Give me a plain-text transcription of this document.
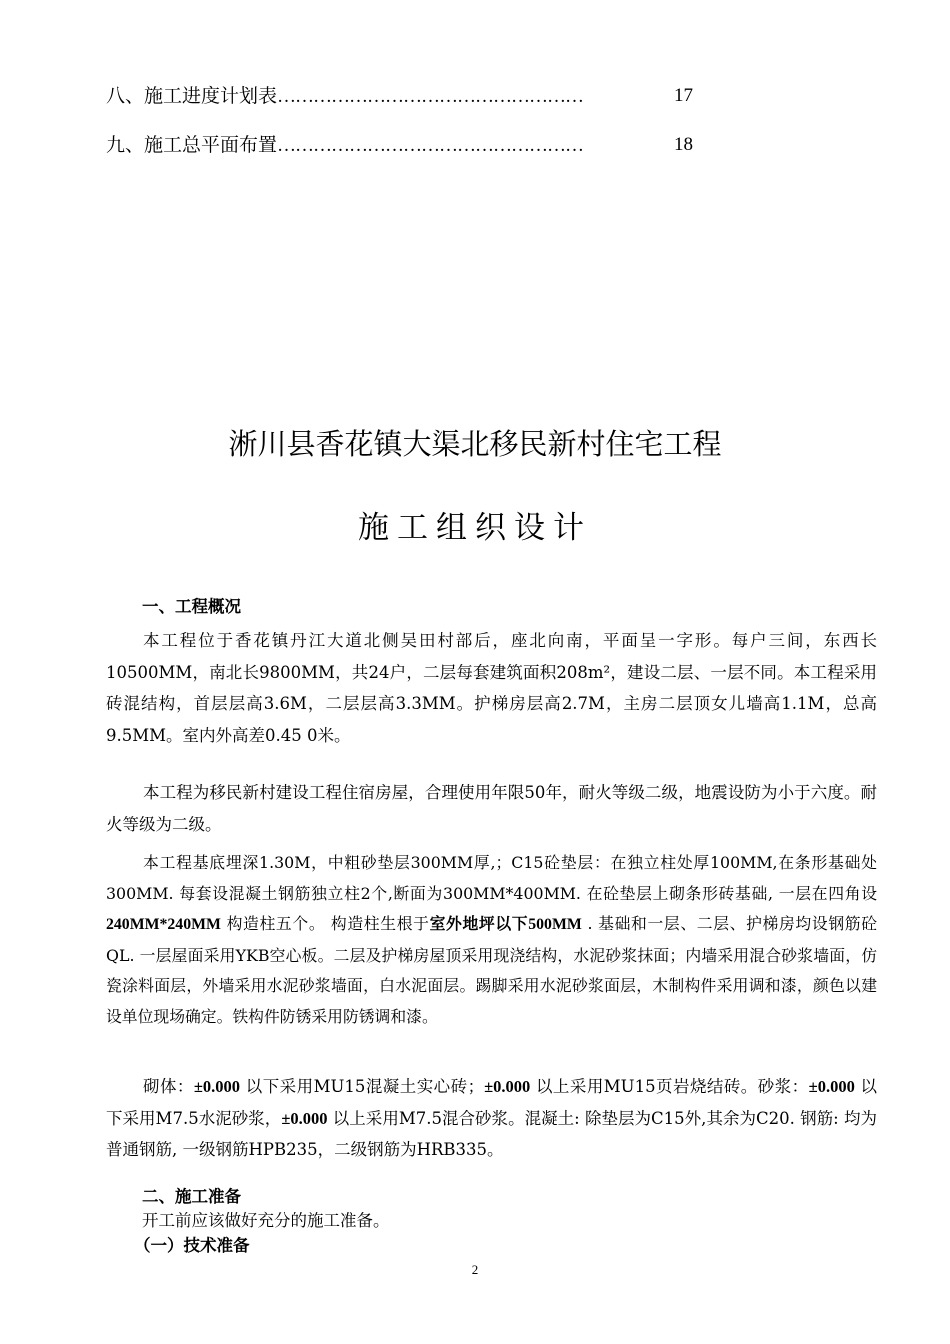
八、施工进度计划表……………………………………………	17
九、施工总平面布置……………………………………………	18
淅川县香花镇大渠北移民新村住宅工程
施工组织设计
一、工程概况
本工程位于香花镇丹江大道北侧吴田村部后，座北向南，平面呈一字形。每户三间，东西长10500MM，南北长9800MM，共24户，二层每套建筑面积208m²，建设二层、一层不同。本工程采用砖混结构，首层层高3.6M，二层层高3.3MM。护梯房层高2.7M，主房二层顶女儿墙高1.1M，总高9.5MM。室内外高差0.45 0米。
本工程为移民新村建设工程住宿房屋，合理使用年限50年，耐火等级二级，地震设防为小于六度。耐火等级为二级。
本工程基底埋深1.30M，中粗砂垫层300MM厚,；C15砼垫层：在独立柱处厚100MM,在条形基础处300MM. 每套设混凝土钢筋独立柱2个,断面为300MM*400MM. 在砼垫层上砌条形砖基础, 一层在四角设 240MM*240MM 构造柱五个。 构造柱生根于室外地坪以下500MM . 基础和一层、二层、护梯房均设钢筋砼QL. 一层屋面采用YKB空心板。二层及护梯房屋顶采用现浇结构，水泥砂浆抹面；内墙采用混合砂浆墙面，仿瓷涂料面层，外墙采用水泥砂浆墙面，白水泥面层。踢脚采用水泥砂浆面层，木制构件采用调和漆，颜色以建设单位现场确定。铁构件防锈采用防锈调和漆。
砌体：±0.000 以下采用MU15混凝土实心砖；±0.000 以上采用MU15页岩烧结砖。砂浆：±0.000 以下采用M7.5水泥砂浆，±0.000 以上采用M7.5混合砂浆。混凝土: 除垫层为C15外,其余为C20. 钢筋: 均为普通钢筋, 一级钢筋HPB235，二级钢筋为HRB335。
二、施工准备
开工前应该做好充分的施工准备。
（一）技术准备
2
